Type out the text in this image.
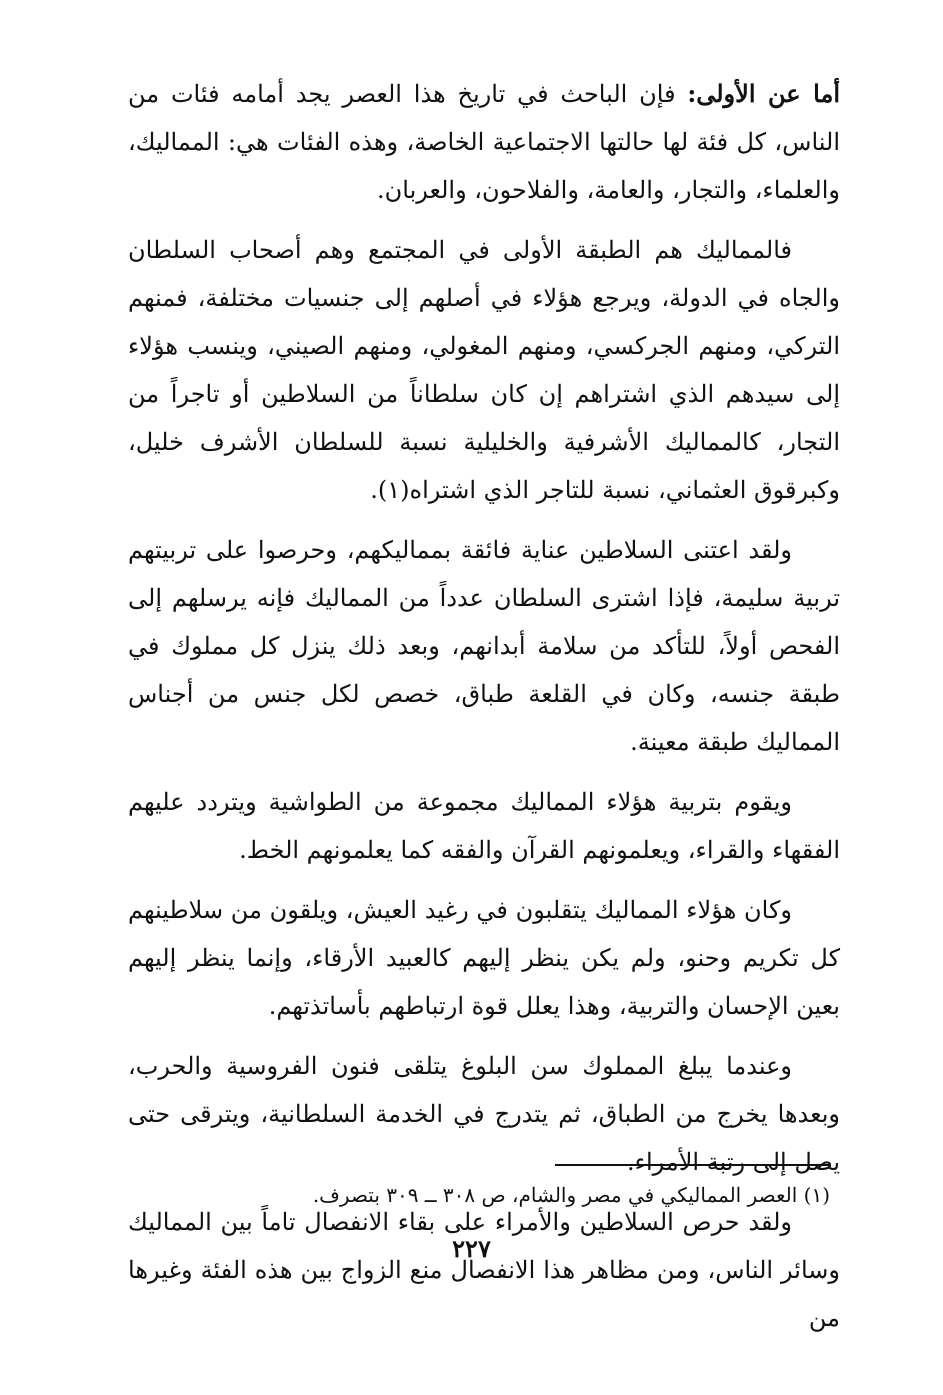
أما عن الأولى: فإن الباحث في تاريخ هذا العصر يجد أمامه فئات من الناس، كل فئة لها حالتها الاجتماعية الخاصة، وهذه الفئات هي: المماليك، والعلماء، والتجار، والعامة، والفلاحون، والعربان.

فالمماليك هم الطبقة الأولى في المجتمع وهم أصحاب السلطان والجاه في الدولة، ويرجع هؤلاء في أصلهم إلى جنسيات مختلفة، فمنهم التركي، ومنهم الجركسي، ومنهم المغولي، ومنهم الصيني، وينسب هؤلاء إلى سيدهم الذي اشتراهم إن كان سلطاناً من السلاطين أو تاجراً من التجار، كالمماليك الأشرفية والخليلية نسبة للسلطان الأشرف خليل، وكبرقوق العثماني، نسبة للتاجر الذي اشتراه(١).

ولقد اعتنى السلاطين عناية فائقة بمماليكهم، وحرصوا على تربيتهم تربية سليمة، فإذا اشترى السلطان عدداً من المماليك فإنه يرسلهم إلى الفحص أولاً، للتأكد من سلامة أبدانهم، وبعد ذلك ينزل كل مملوك في طبقة جنسه، وكان في القلعة طباق، خصص لكل جنس من أجناس المماليك طبقة معينة.

ويقوم بتربية هؤلاء المماليك مجموعة من الطواشية ويتردد عليهم الفقهاء والقراء، ويعلمونهم القرآن والفقه كما يعلمونهم الخط.

وكان هؤلاء المماليك يتقلبون في رغيد العيش، ويلقون من سلاطينهم كل تكريم وحنو، ولم يكن ينظر إليهم كالعبيد الأرقاء، وإنما ينظر إليهم بعين الإحسان والتربية، وهذا يعلل قوة ارتباطهم بأساتذتهم.

وعندما يبلغ المملوك سن البلوغ يتلقى فنون الفروسية والحرب، وبعدها يخرج من الطباق، ثم يتدرج في الخدمة السلطانية، ويترقى حتى يصل إلى رتبة الأمراء.

ولقد حرص السلاطين والأمراء على بقاء الانفصال تاماً بين المماليك وسائر الناس، ومن مظاهر هذا الانفصال منع الزواج بين هذه الفئة وغيرها من

(١) العصر المماليكي في مصر والشام، ص ٣٠٨ ــ ٣٠٩ بتصرف.
٢٢٧
